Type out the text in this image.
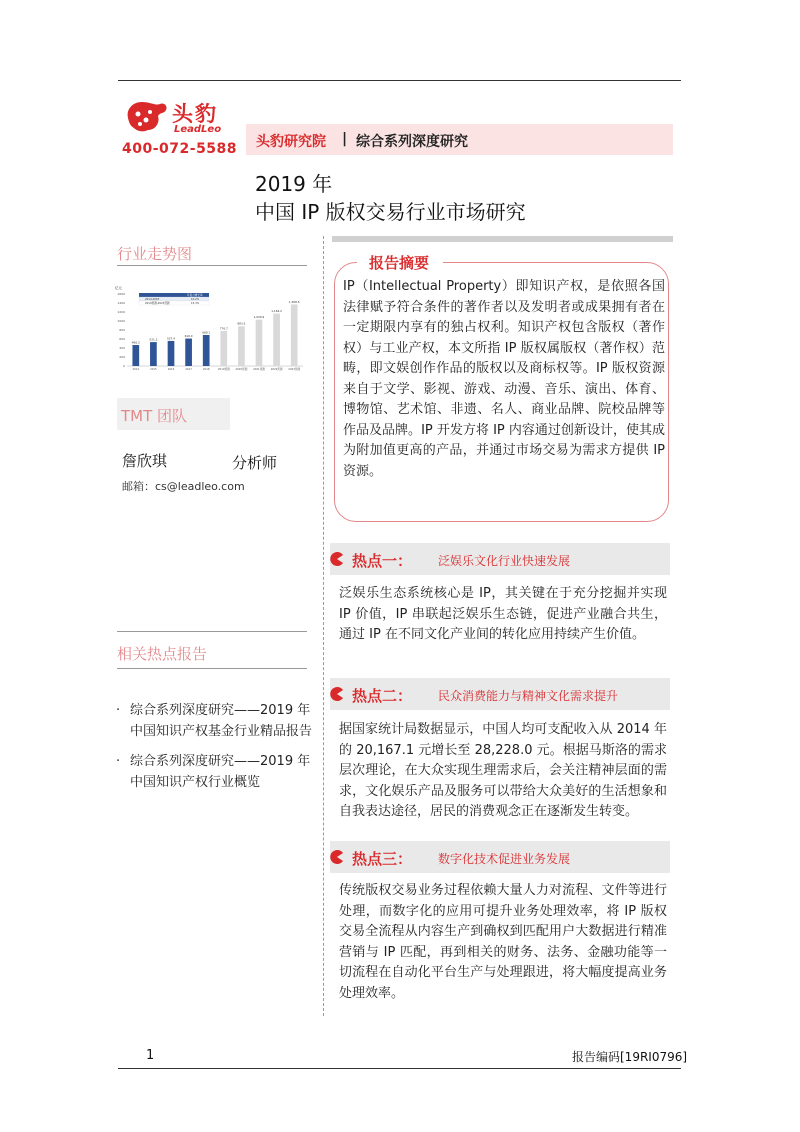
头豹
LeadLeo
400-072-5588 头豹研究院 | 综合系列深度研究
2019 年
中国 IP 版权交易行业市场研究
行业走势图
亿元
0
200
400
600
800
1000
1200
1400
1600	年复合增长率
2014-2018	10.2%
2019预测-2023预测	15.3%
466.2
2014
531.3
2015
557.4
2016
610.0
2017
689.1
2018
776.7
2019预测
883.5
2020预测
1,029.9
2021预测
1,164.2
2022预测
1,368.5
2023预测
TMT 团队
詹欣琪	分析师
邮箱：cs@leadleo.com
相关热点报告
· 综合系列深度研究——2019 年中国知识产权基金行业精品报告
· 综合系列深度研究——2019 年中国知识产权行业概览
报告摘要
IP（Intellectual Property）即知识产权，是依照各国法律赋予符合条件的著作者以及发明者或成果拥有者在一定期限内享有的独占权利。知识产权包含版权（著作权）与工业产权，本文所指 IP 版权属版权（著作权）范畴，即文娱创作作品的版权以及商标权等。IP 版权资源来自于文学、影视、游戏、动漫、音乐、演出、体育、博物馆、艺术馆、非遗、名人、商业品牌、院校品牌等作品及品牌。IP 开发方将 IP 内容通过创新设计，使其成为附加值更高的产品，并通过市场交易为需求方提供 IP 资源。
热点一： 泛娱乐文化行业快速发展
泛娱乐生态系统核心是 IP，其关键在于充分挖掘并实现 IP 价值，IP 串联起泛娱乐生态链，促进产业融合共生，通过 IP 在不同文化产业间的转化应用持续产生价值。
热点二： 民众消费能力与精神文化需求提升
据国家统计局数据显示，中国人均可支配收入从 2014 年的 20,167.1 元增长至 28,228.0 元。根据马斯洛的需求层次理论，在大众实现生理需求后，会关注精神层面的需求，文化娱乐产品及服务可以带给大众美好的生活想象和自我表达途径，居民的消费观念正在逐渐发生转变。
热点三： 数字化技术促进业务发展
传统版权交易业务过程依赖大量人力对流程、文件等进行处理，而数字化的应用可提升业务处理效率，将 IP 版权交易全流程从内容生产到确权到匹配用户大数据进行精准营销与 IP 匹配，再到相关的财务、法务、金融功能等一切流程在自动化平台生产与处理跟进，将大幅度提高业务处理效率。
1	报告编码[19RI0796]
